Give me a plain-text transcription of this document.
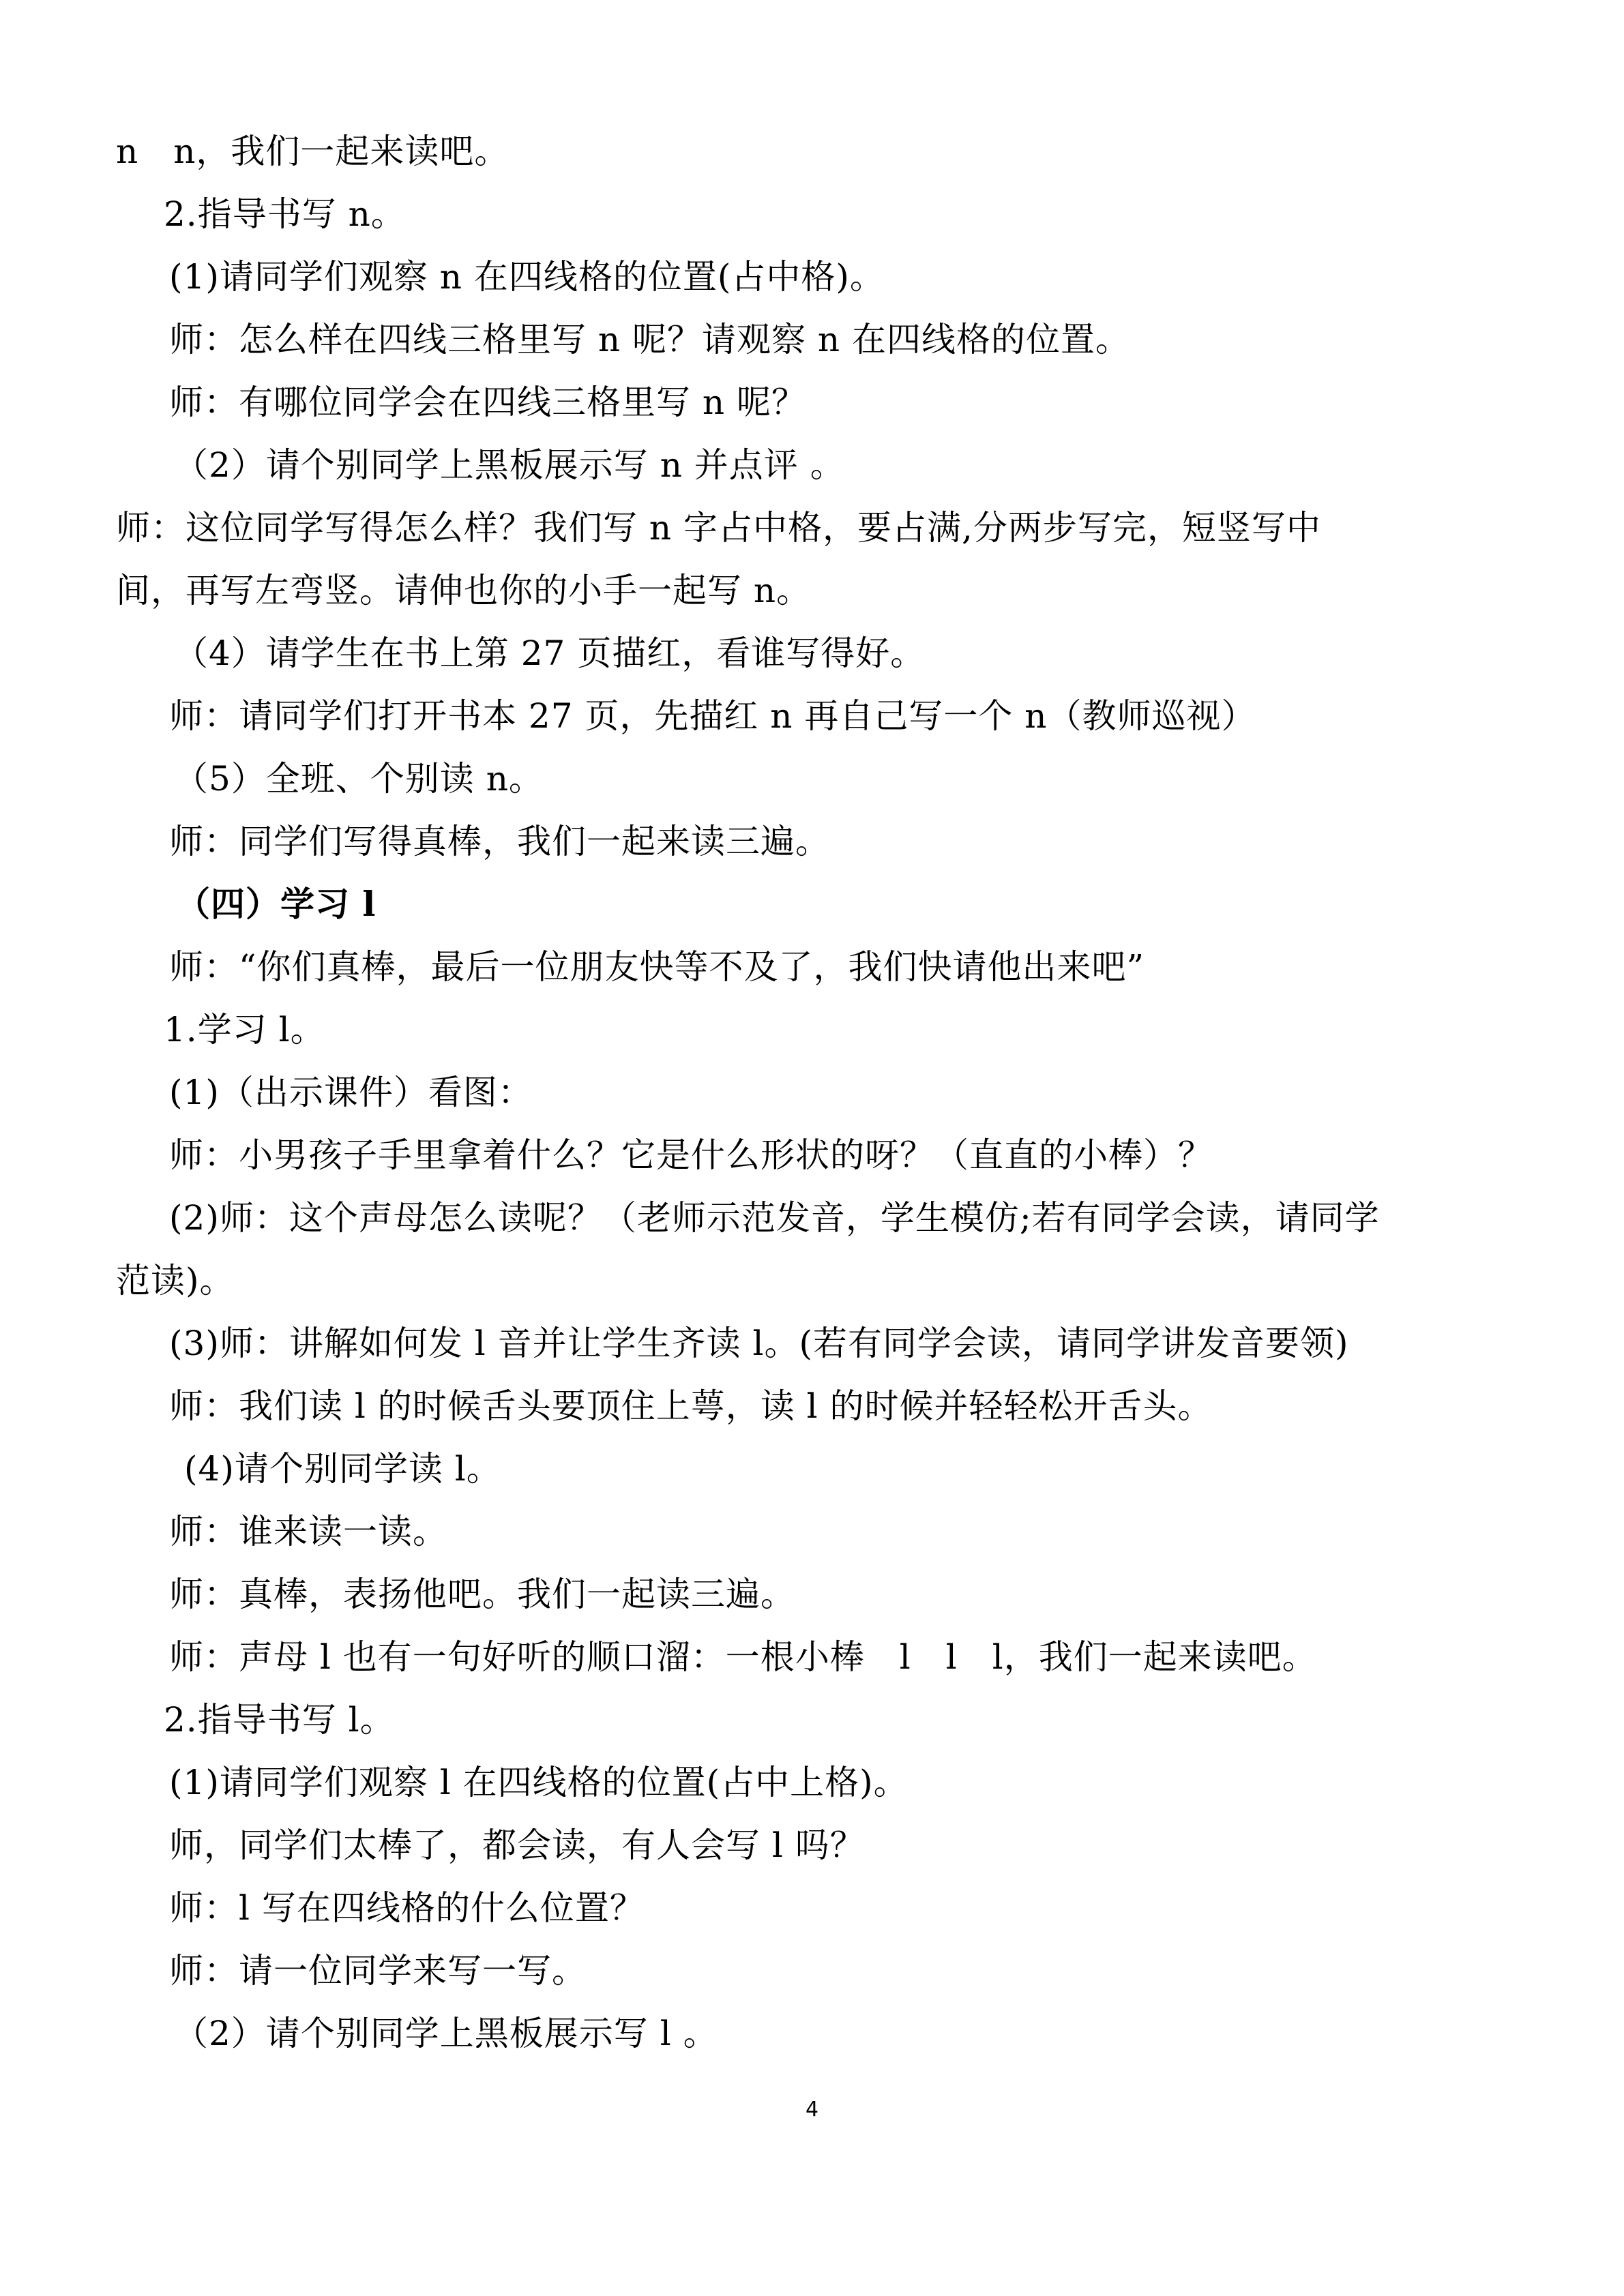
n　n，我们一起来读吧。
2.指导书写 n。
(1)请同学们观察 n 在四线格的位置(占中格)。
师：怎么样在四线三格里写 n 呢？请观察 n 在四线格的位置。
师：有哪位同学会在四线三格里写 n 呢？
（2）请个别同学上黑板展示写 n 并点评 。
师：这位同学写得怎么样？我们写 n 字占中格，要占满,分两步写完，短竖写中
间，再写左弯竖。请伸也你的小手一起写 n。
（4）请学生在书上第 27 页描红，看谁写得好。
师：请同学们打开书本 27 页，先描红 n 再自己写一个 n（教师巡视）
（5）全班、个别读 n。
师：同学们写得真棒，我们一起来读三遍。
（四）学习 l
师：“你们真棒，最后一位朋友快等不及了，我们快请他出来吧”
1.学习 l。
(1)（出示课件）看图：
师：小男孩子手里拿着什么？它是什么形状的呀？（直直的小棒）？
(2)师：这个声母怎么读呢？（老师示范发音，学生模仿;若有同学会读，请同学
范读)。
(3)师：讲解如何发 l 音并让学生齐读 l。(若有同学会读，请同学讲发音要领)
师：我们读 l 的时候舌头要顶住上萼，读 l 的时候并轻轻松开舌头。
(4)请个别同学读 l。
师：谁来读一读。
师：真棒，表扬他吧。我们一起读三遍。
师：声母 l 也有一句好听的顺口溜：一根小棒　l　l　l，我们一起来读吧。
2.指导书写 l。
(1)请同学们观察 l 在四线格的位置(占中上格)。
师，同学们太棒了，都会读，有人会写 l 吗？
师：l 写在四线格的什么位置？
师：请一位同学来写一写。
（2）请个别同学上黑板展示写 l 。
4
